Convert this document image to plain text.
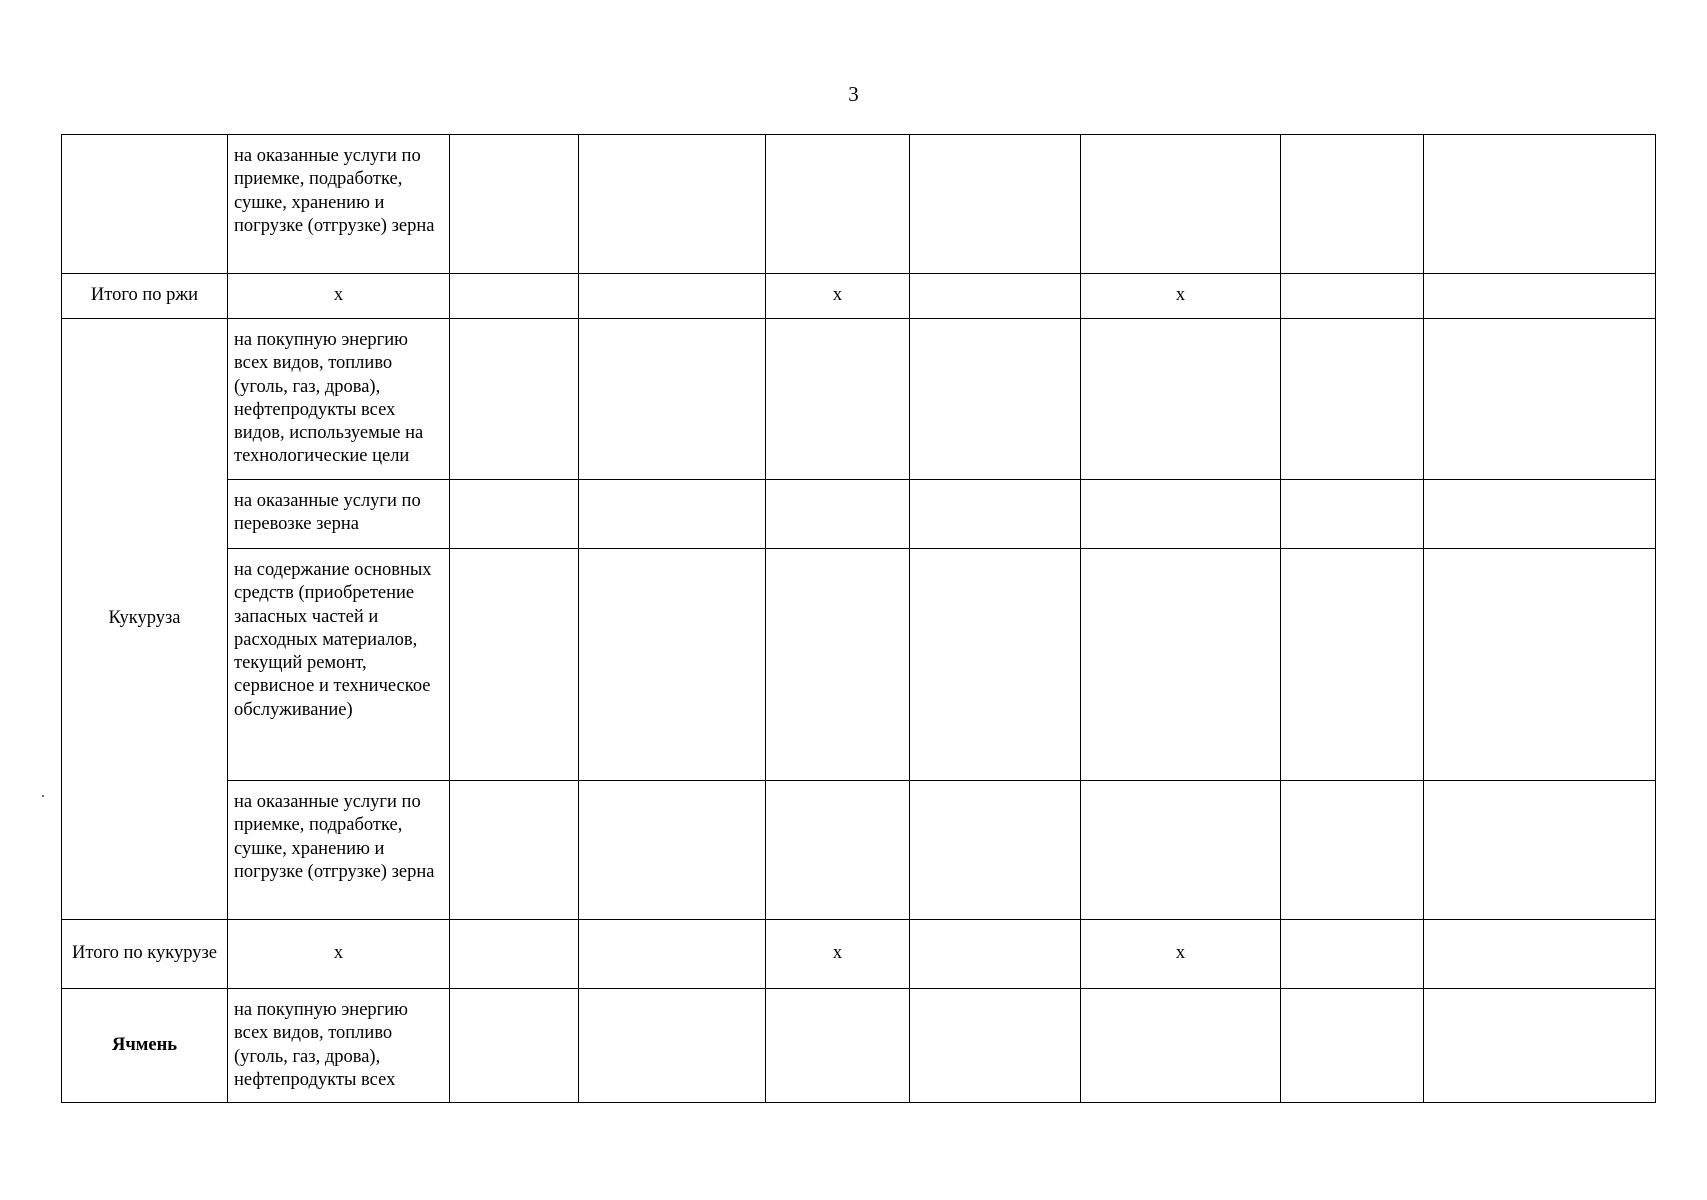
3
	на оказанные услуги по приемке, подработке, сушке, хранению и погрузке (отгрузке) зерна							
Итого по ржи	х			х		х		
Кукуруза	на покупную энергию всех видов, топливо (уголь, газ, дрова), нефтепродукты всех видов, используемые на технологические цели							
	на оказанные услуги по перевозке зерна							
	на содержание основных средств (приобретение запасных частей и расходных материалов, текущий ремонт, сервисное и техническое обслуживание)							
	на оказанные услуги по приемке, подработке, сушке, хранению и погрузке (отгрузке) зерна							
Итого по кукурузе	х			х		х		
Ячмень	на покупную энергию всех видов, топливо (уголь, газ, дрова), нефтепродукты всех							
